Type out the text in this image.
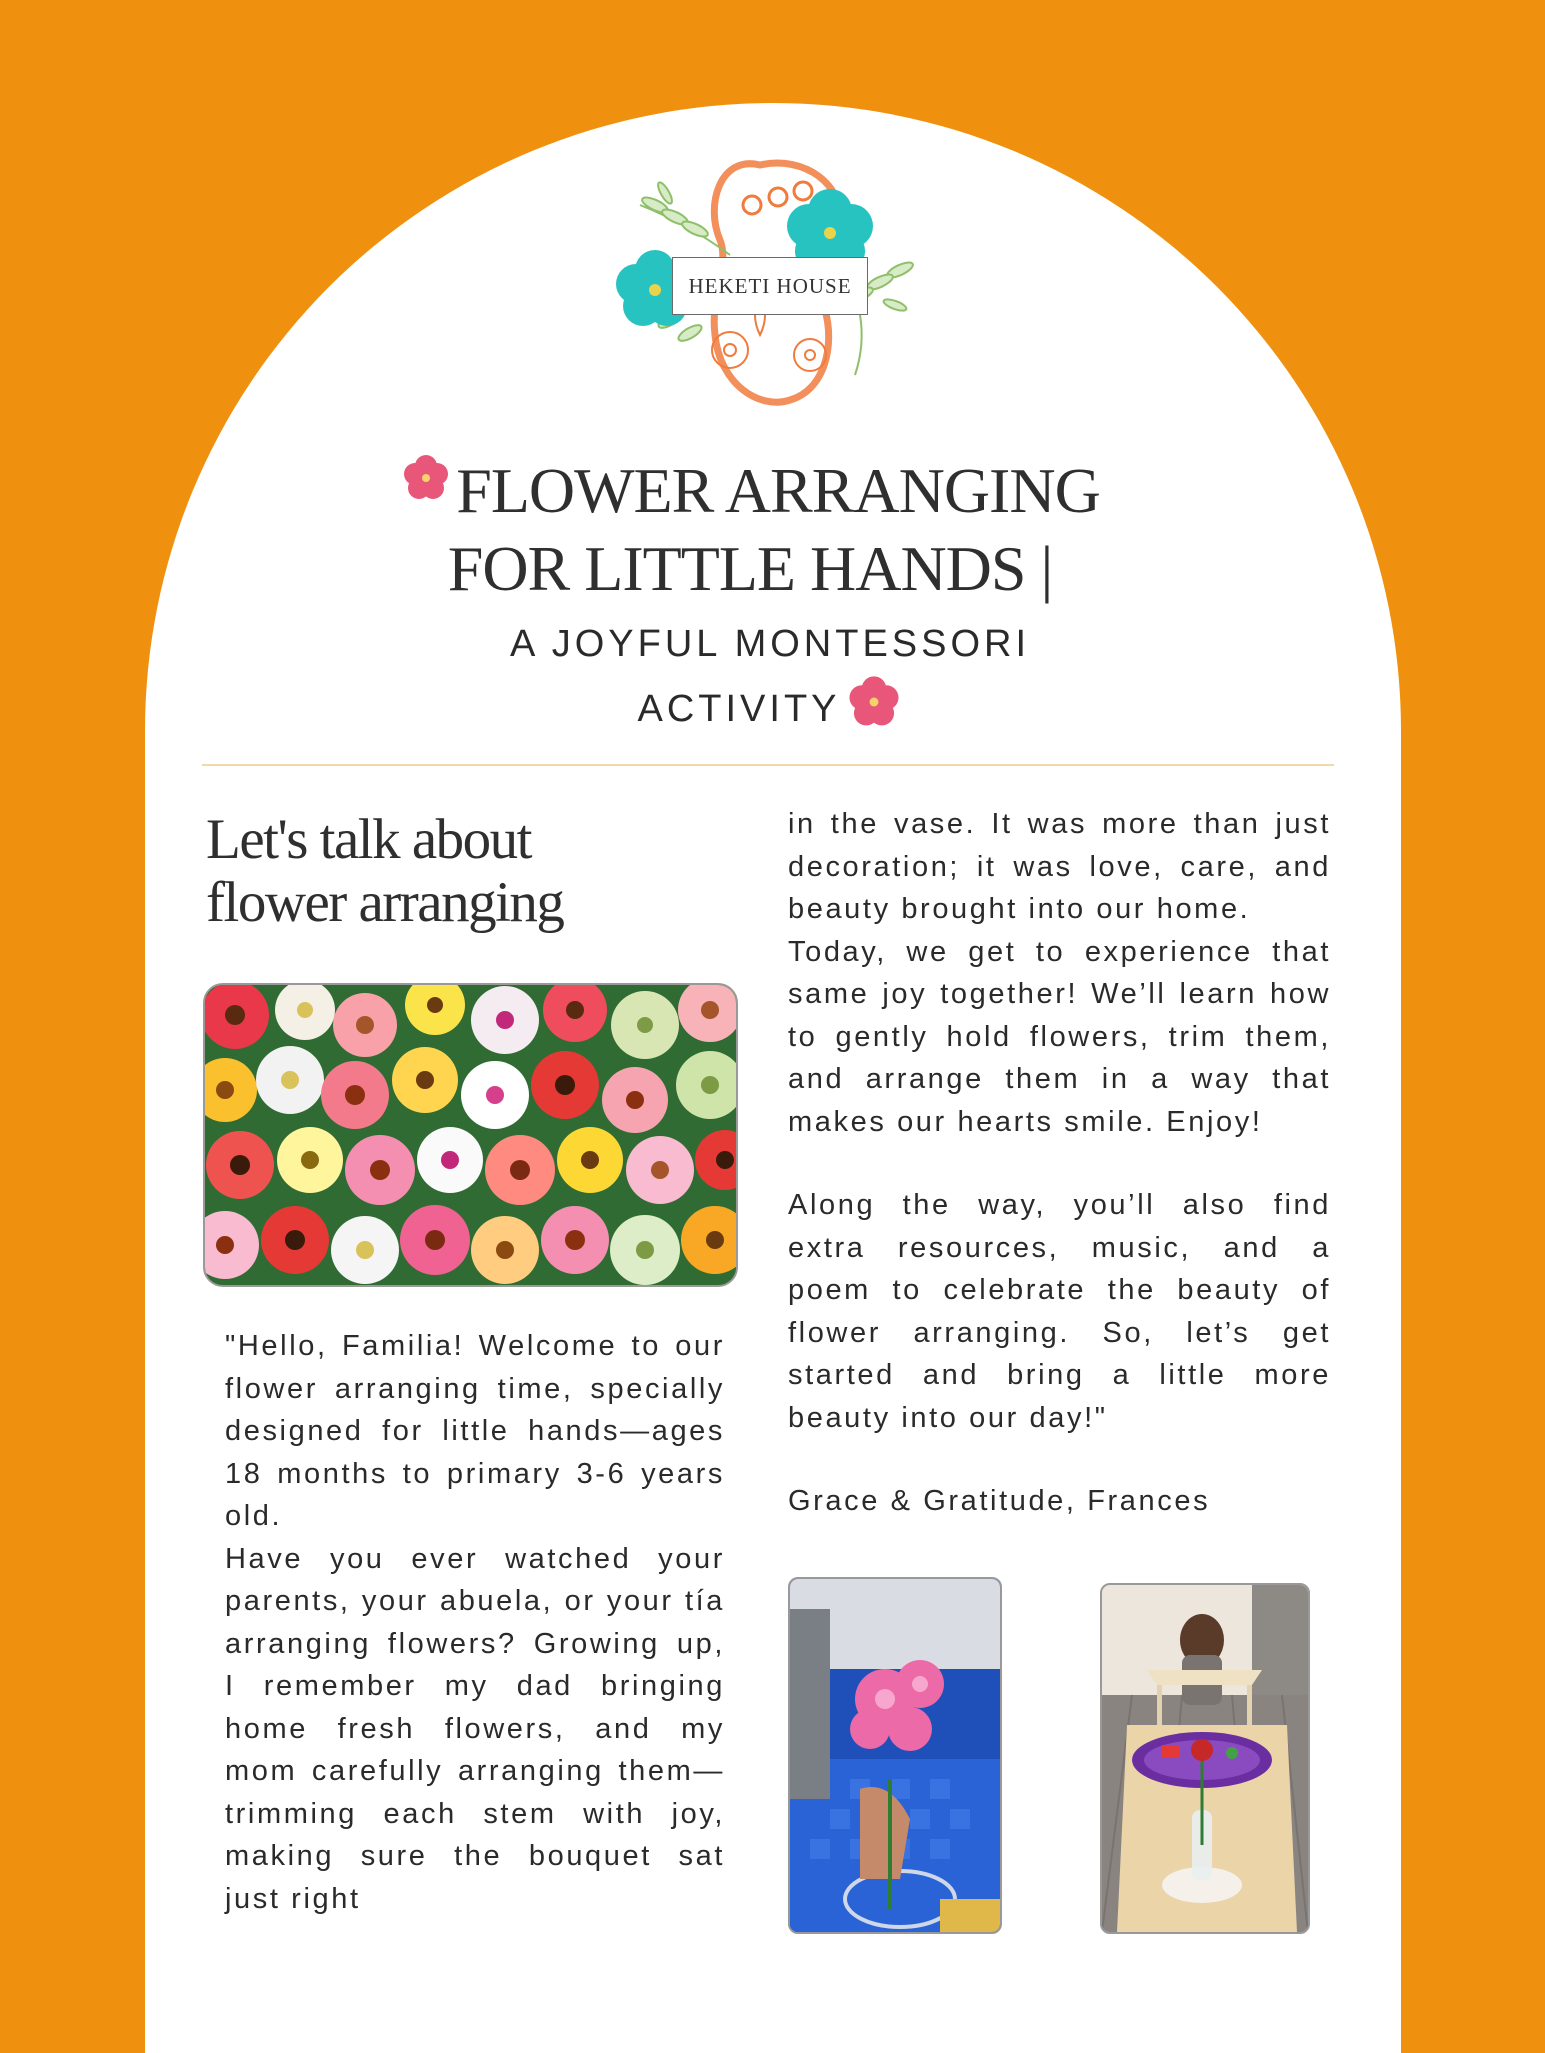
HEKETI HOUSE
FLOWER ARRANGING
FOR LITTLE HANDS |
A JOYFUL MONTESSORI
ACTIVITY
Let's talk about
flower arranging

"Hello, Familia! Welcome to our flower arranging time, specially designed for little hands—ages 18 months to primary 3-6 years old.

Have you ever watched your parents, your abuela, or your tía arranging flowers? Growing up, I remember my dad bringing home fresh flowers, and my mom carefully arranging them—trimming each stem with joy, making sure the bouquet sat just right

in the vase. It was more than just decoration; it was love, care, and beauty brought into our home.

Today, we get to experience that same joy together! We’ll learn how to gently hold flowers, trim them, and arrange them in a way that makes our hearts smile. Enjoy!

Along the way, you’ll also find extra resources, music, and a poem to celebrate the beauty of flower arranging. So, let’s get started and bring a little more beauty into our day!"

Grace & Gratitude, Frances
